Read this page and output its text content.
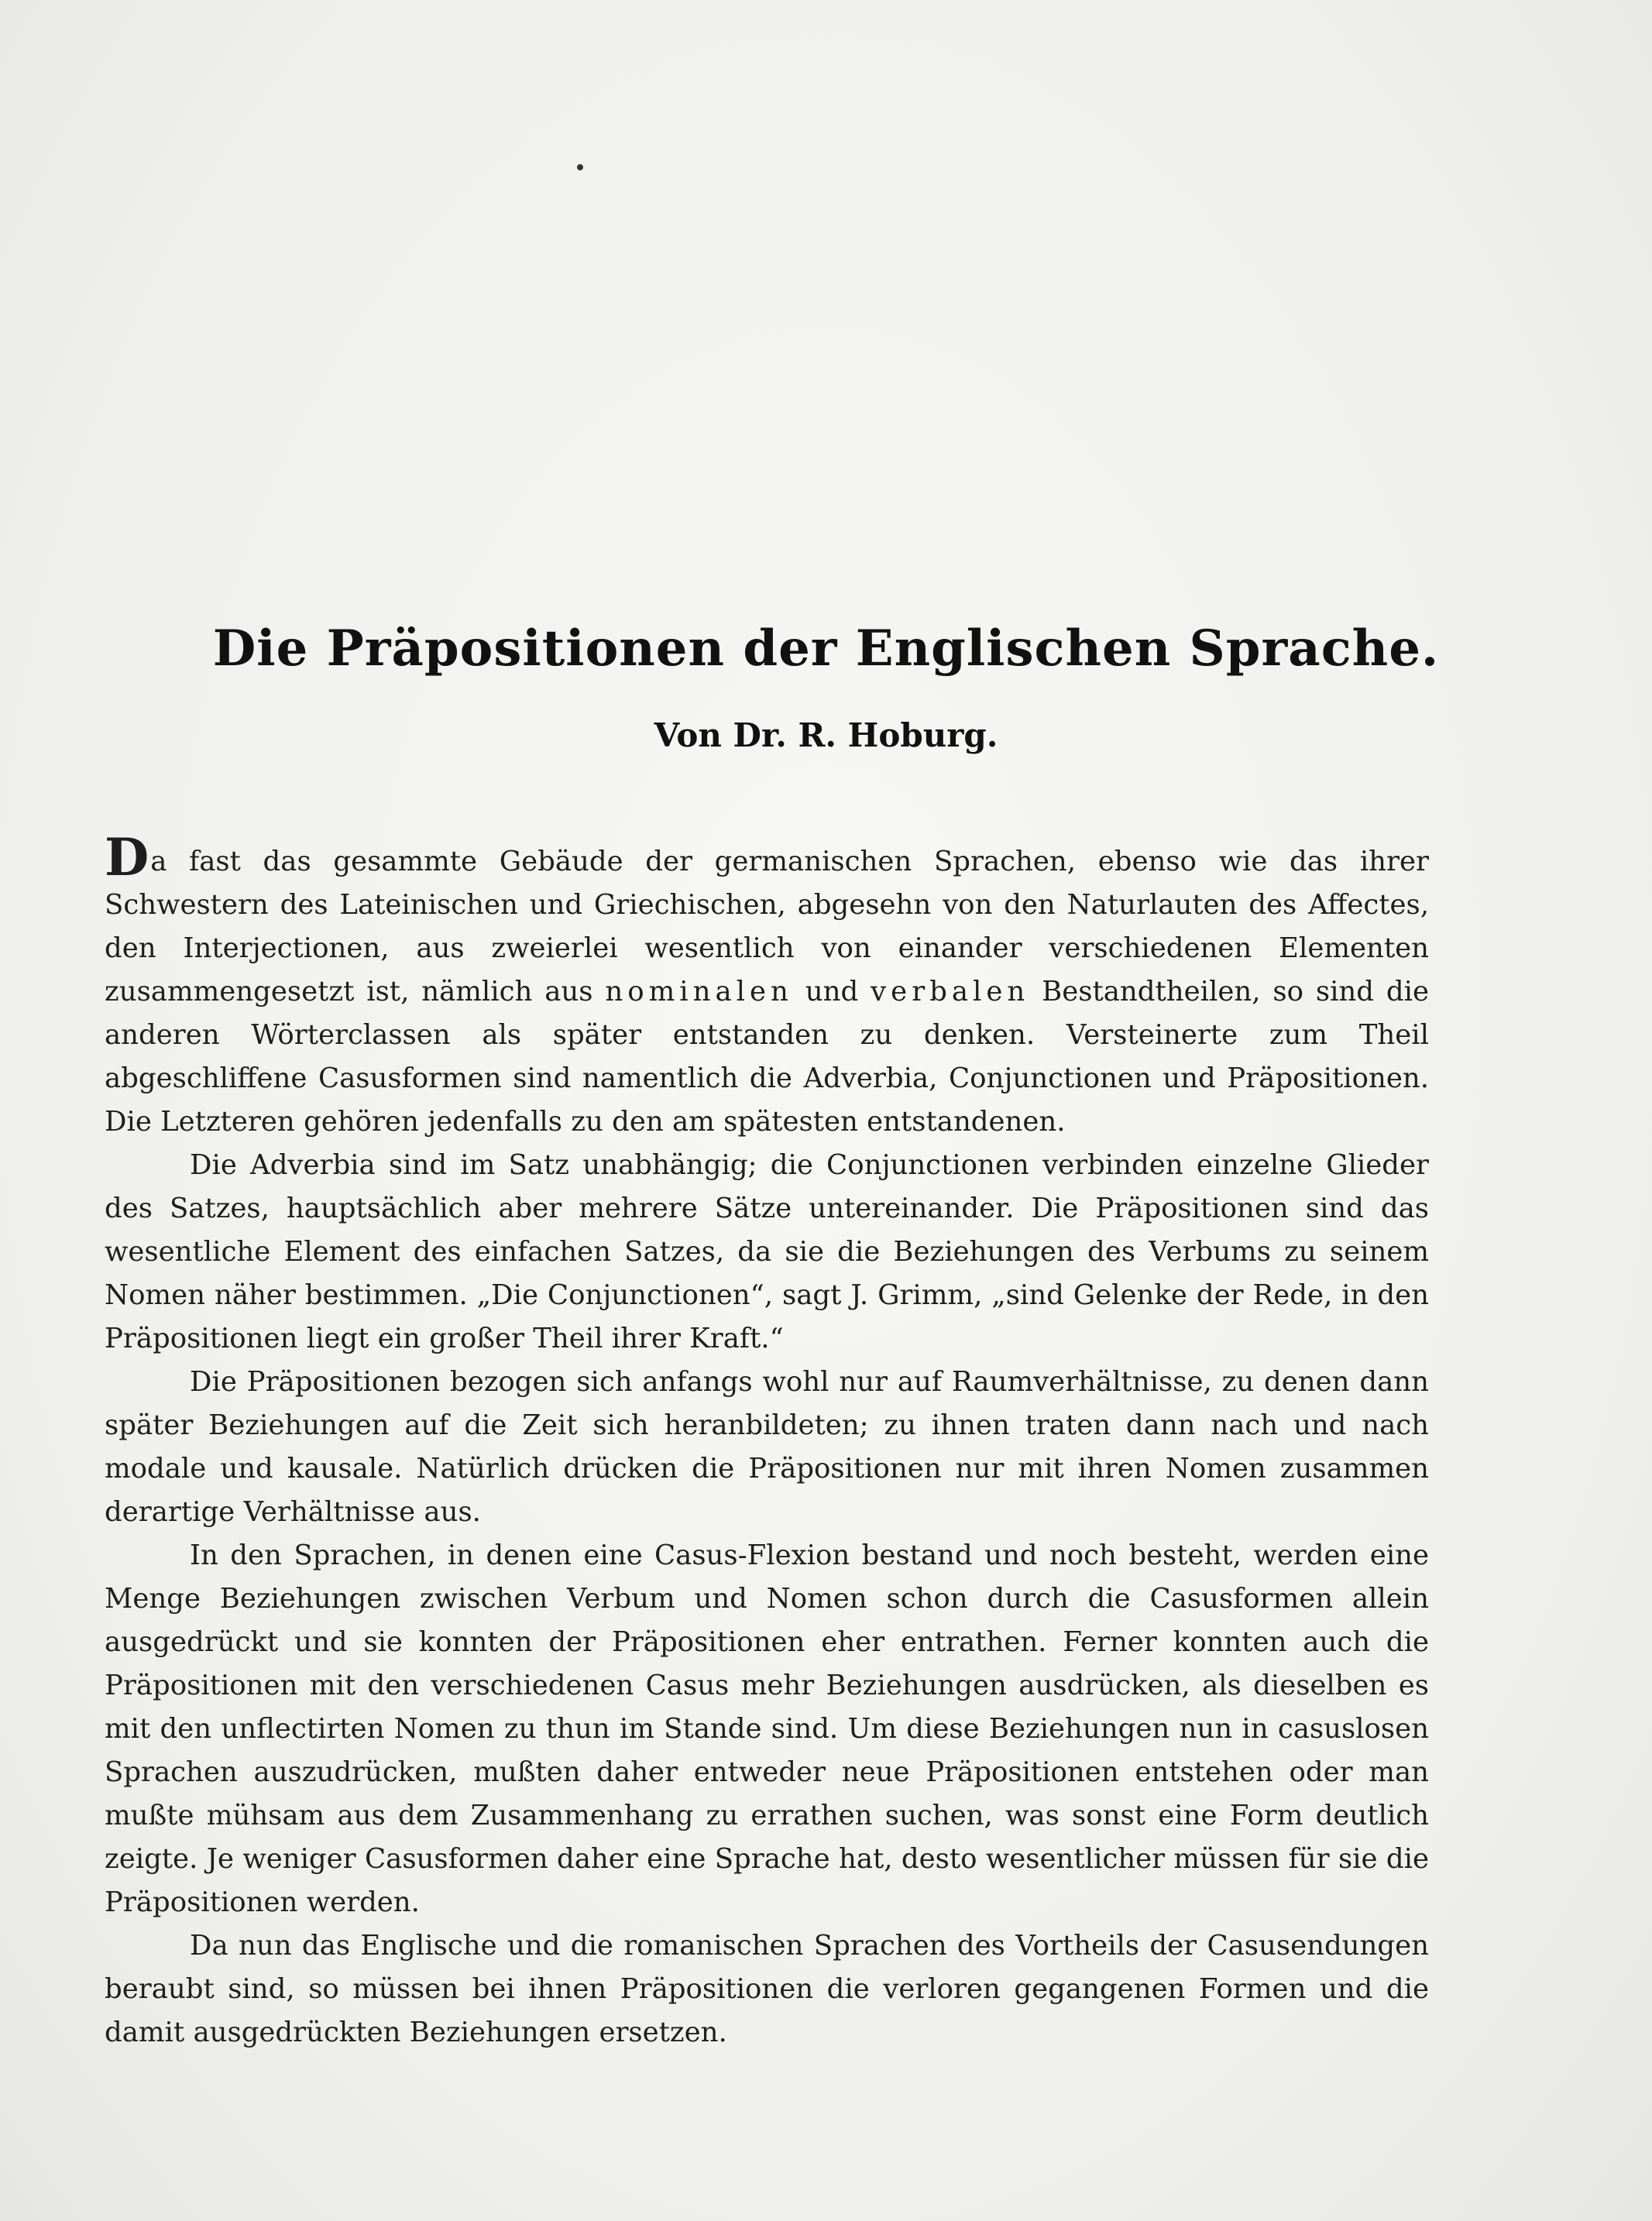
Die Präpositionen der Englischen Sprache.
Von Dr. R. Hoburg.

Da fast das gesammte Gebäude der germanischen Sprachen, ebenso wie das ihrer Schwestern des Lateinischen und Griechischen, abgesehn von den Naturlauten des Affectes, den Interjectionen, aus zweierlei wesentlich von einander verschiedenen Elementen zusammengesetzt ist, nämlich aus nominalen und verbalen Bestandtheilen, so sind die anderen Wörterclassen als später entstanden zu denken. Versteinerte zum Theil abgeschliffene Casusformen sind namentlich die Adverbia, Conjunctionen und Präpositionen. Die Letzteren gehören jedenfalls zu den am spätesten entstandenen.

Die Adverbia sind im Satz unabhängig; die Conjunctionen verbinden einzelne Glieder des Satzes, hauptsächlich aber mehrere Sätze untereinander. Die Präpositionen sind das wesentliche Element des einfachen Satzes, da sie die Beziehungen des Verbums zu seinem Nomen näher bestimmen. „Die Conjunctionen“, sagt J. Grimm, „sind Gelenke der Rede, in den Präpositionen liegt ein großer Theil ihrer Kraft.“

Die Präpositionen bezogen sich anfangs wohl nur auf Raumverhältnisse, zu denen dann später Beziehungen auf die Zeit sich heranbildeten; zu ihnen traten dann nach und nach modale und kausale. Natürlich drücken die Präpositionen nur mit ihren Nomen zusammen derartige Verhältnisse aus.

In den Sprachen, in denen eine Casus-Flexion bestand und noch besteht, werden eine Menge Beziehungen zwischen Verbum und Nomen schon durch die Casusformen allein ausgedrückt und sie konnten der Präpositionen eher entrathen. Ferner konnten auch die Präpositionen mit den verschiedenen Casus mehr Beziehungen ausdrücken, als dieselben es mit den unflectirten Nomen zu thun im Stande sind. Um diese Beziehungen nun in casuslosen Sprachen auszudrücken, mußten daher entweder neue Präpositionen entstehen oder man mußte mühsam aus dem Zusammenhang zu errathen suchen, was sonst eine Form deutlich zeigte. Je weniger Casusformen daher eine Sprache hat, desto wesentlicher müssen für sie die Präpositionen werden.

Da nun das Englische und die romanischen Sprachen des Vortheils der Casusendungen beraubt sind, so müssen bei ihnen Präpositionen die verloren gegangenen Formen und die damit ausgedrückten Beziehungen ersetzen.
